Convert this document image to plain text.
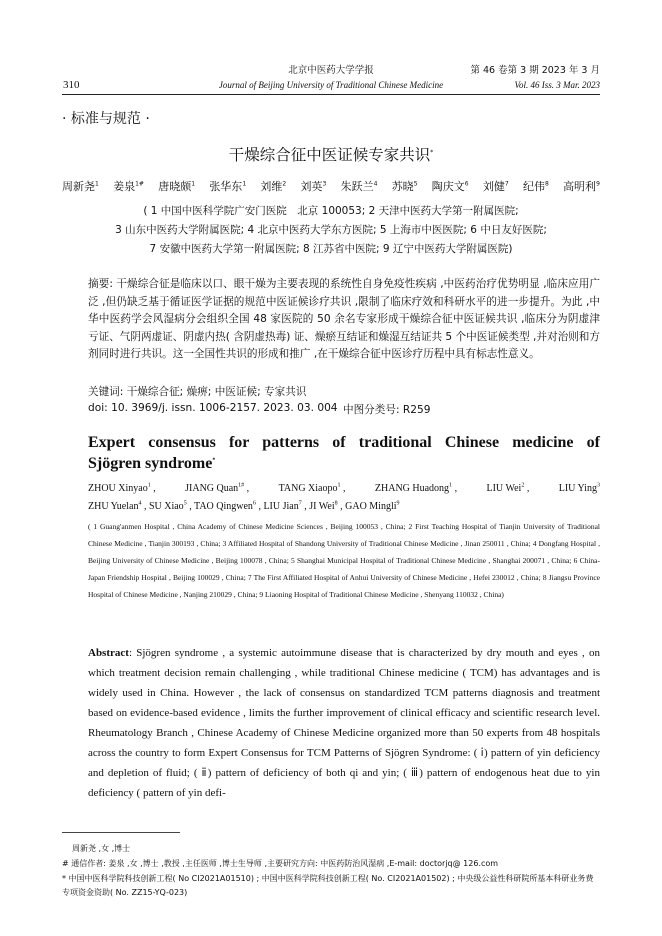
北京中医药大学学报
Journal of Beijing University of Traditional Chinese Medicine
310
第 46 卷第 3 期 2023 年 3 月
Vol. 46 Iss. 3 Mar. 2023
· 标准与规范 ·
干燥综合征中医证候专家共识*
周新尧$^1$ 姜泉$^{1\#}$ 唐晓颇$^1$ 张华东$^1$ 刘维$^2$ 刘英$^3$ 朱跃兰$^4$ 苏晓$^5$ 陶庆文$^6$ 刘健$^7$ 纪伟$^8$ 高明利$^9$
( 1 中国中医科学院广安门医院　北京 100053; 2 天津中医药大学第一附属医院;
3 山东中医药大学附属医院; 4 北京中医药大学东方医院; 5 上海市中医医院; 6 中日友好医院;
7 安徽中医药大学第一附属医院; 8 江苏省中医院; 9 辽宁中医药大学附属医院)
摘要: 干燥综合征是临床以口、眼干燥为主要表现的系统性自身免疫性疾病 ,中医药治疗优势明显 ,临床应用广泛 ,但仍缺乏基于循证医学证据的规范中医证候诊疗共识 ,限制了临床疗效和科研水平的进一步提升。为此 ,中华中医药学会风湿病分会组织全国 48 家医院的 50 余名专家形成干燥综合征中医证候共识 ,临床分为阴虚津亏证、气阴两虚证、阴虚内热( 含阴虚热毒) 证、燥瘀互结证和燥湿互结证共 5 个中医证候类型 ,并对治则和方剂同时进行共识。这一全国性共识的形成和推广 ,在干燥综合征中医诊疗历程中具有标志性意义。
关键词: 干燥综合征; 燥痹; 中医证候; 专家共识
doi: 10. 3969/j. issn. 1006-2157. 2023. 03. 004 中图分类号: R259
Expert consensus for patterns of traditional Chinese medicine of
Sjögren syndrome*
ZHOU Xinyao$^1$ ,	JIANG Quan$^{1\#}$ ,	TANG Xiaopo$^1$ ,	ZHANG Huadong$^1$ ,	LIU Wei$^2$ ,	LIU Ying$^3$
ZHU Yuelan$^4$ , SU Xiao$^5$ , TAO Qingwen$^6$ , LIU Jian$^7$ , JI Wei$^8$ , GAO Mingli$^9$
( 1 Guang'anmen Hospital , China Academy of Chinese Medicine Sciences , Beijing 100053 , China; 2 First Teaching Hospital of Tianjin University of Traditional Chinese Medicine , Tianjin 300193 , China; 3 Affiliated Hospital of Shandong University of Traditional Chinese Medicine , Jinan 250011 , China; 4 Dongfang Hospital , Beijing University of Chinese Medicine , Beijing 100078 , China; 5 Shanghai Municipal Hospital of Traditional Chinese Medicine , Shanghai 200071 , China; 6 China-Japan Friendship Hospital , Beijing 100029 , China; 7 The First Affiliated Hospital of Anhui University of Chinese Medicine , Hefei 230012 , China; 8 Jiangsu Province Hospital of Chinese Medicine , Nanjing 210029 , China; 9 Liaoning Hospital of Traditional Chinese Medicine , Shenyang 110032 , China)
Abstract: Sjögren syndrome , a systemic autoimmune disease that is characterized by dry mouth and eyes , on which treatment decision remain challenging , while traditional Chinese medicine ( TCM) has advantages and is widely used in China. However , the lack of consensus on standardized TCM patterns diagnosis and treatment based on evidence-based evidence , limits the further improvement of clinical efficacy and scientific research level. Rheumatology Branch , Chinese Academy of Chinese Medicine organized more than 50 experts from 48 hospitals across the country to form Expert Consensus for TCM Patterns of Sjögren Syndrome: ( ⅰ) pattern of yin deficiency and depletion of fluid; ( ⅱ) pattern of deficiency of both qi and yin; ( ⅲ) pattern of endogenous heat due to yin deficiency ( pattern of yin defi-
周新尧 ,女 ,博士
# 通信作者: 姜泉 ,女 ,博士 ,教授 ,主任医师 ,博士生导师 ,主要研究方向: 中医药防治风湿病 ,E-mail: doctorjq@ 126.com
* 中国中医科学院科技创新工程( No CI2021A01510) ; 中国中医科学院科技创新工程( No. CI2021A01502) ; 中央级公益性科研院所基本科研业务费专项资金资助( No. ZZ15-YQ-023)
